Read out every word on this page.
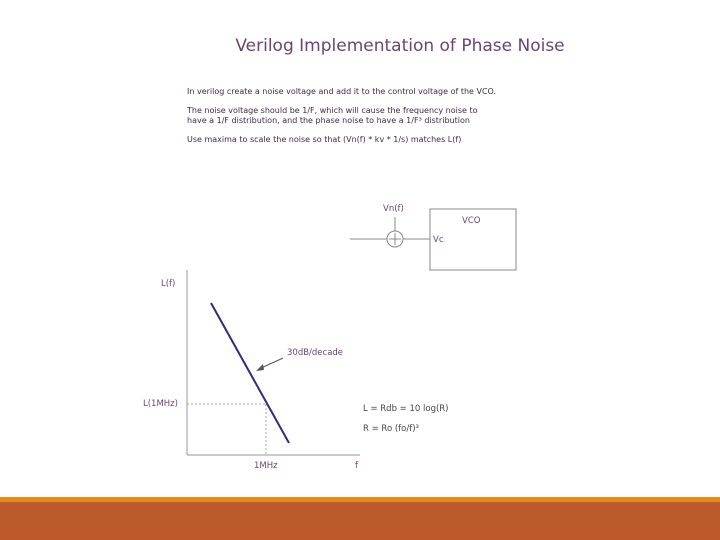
Verilog Implementation of Phase Noise

In verilog create a noise voltage and add it to the control voltage of the VCO.

The noise voltage should be 1/F, which will cause the frequency noise to have a 1/F distribution, and the phase noise to have a 1/F³ distribution

Use maxima to scale the noise so that (Vn(f) * kv * 1/s) matches L(f)

Vn(f)
VCO
Vc
L(f)
30dB/decade
L(1MHz)
1MHz	f
L = Rdb = 10 log(R)
R = Ro (fo/f)³
